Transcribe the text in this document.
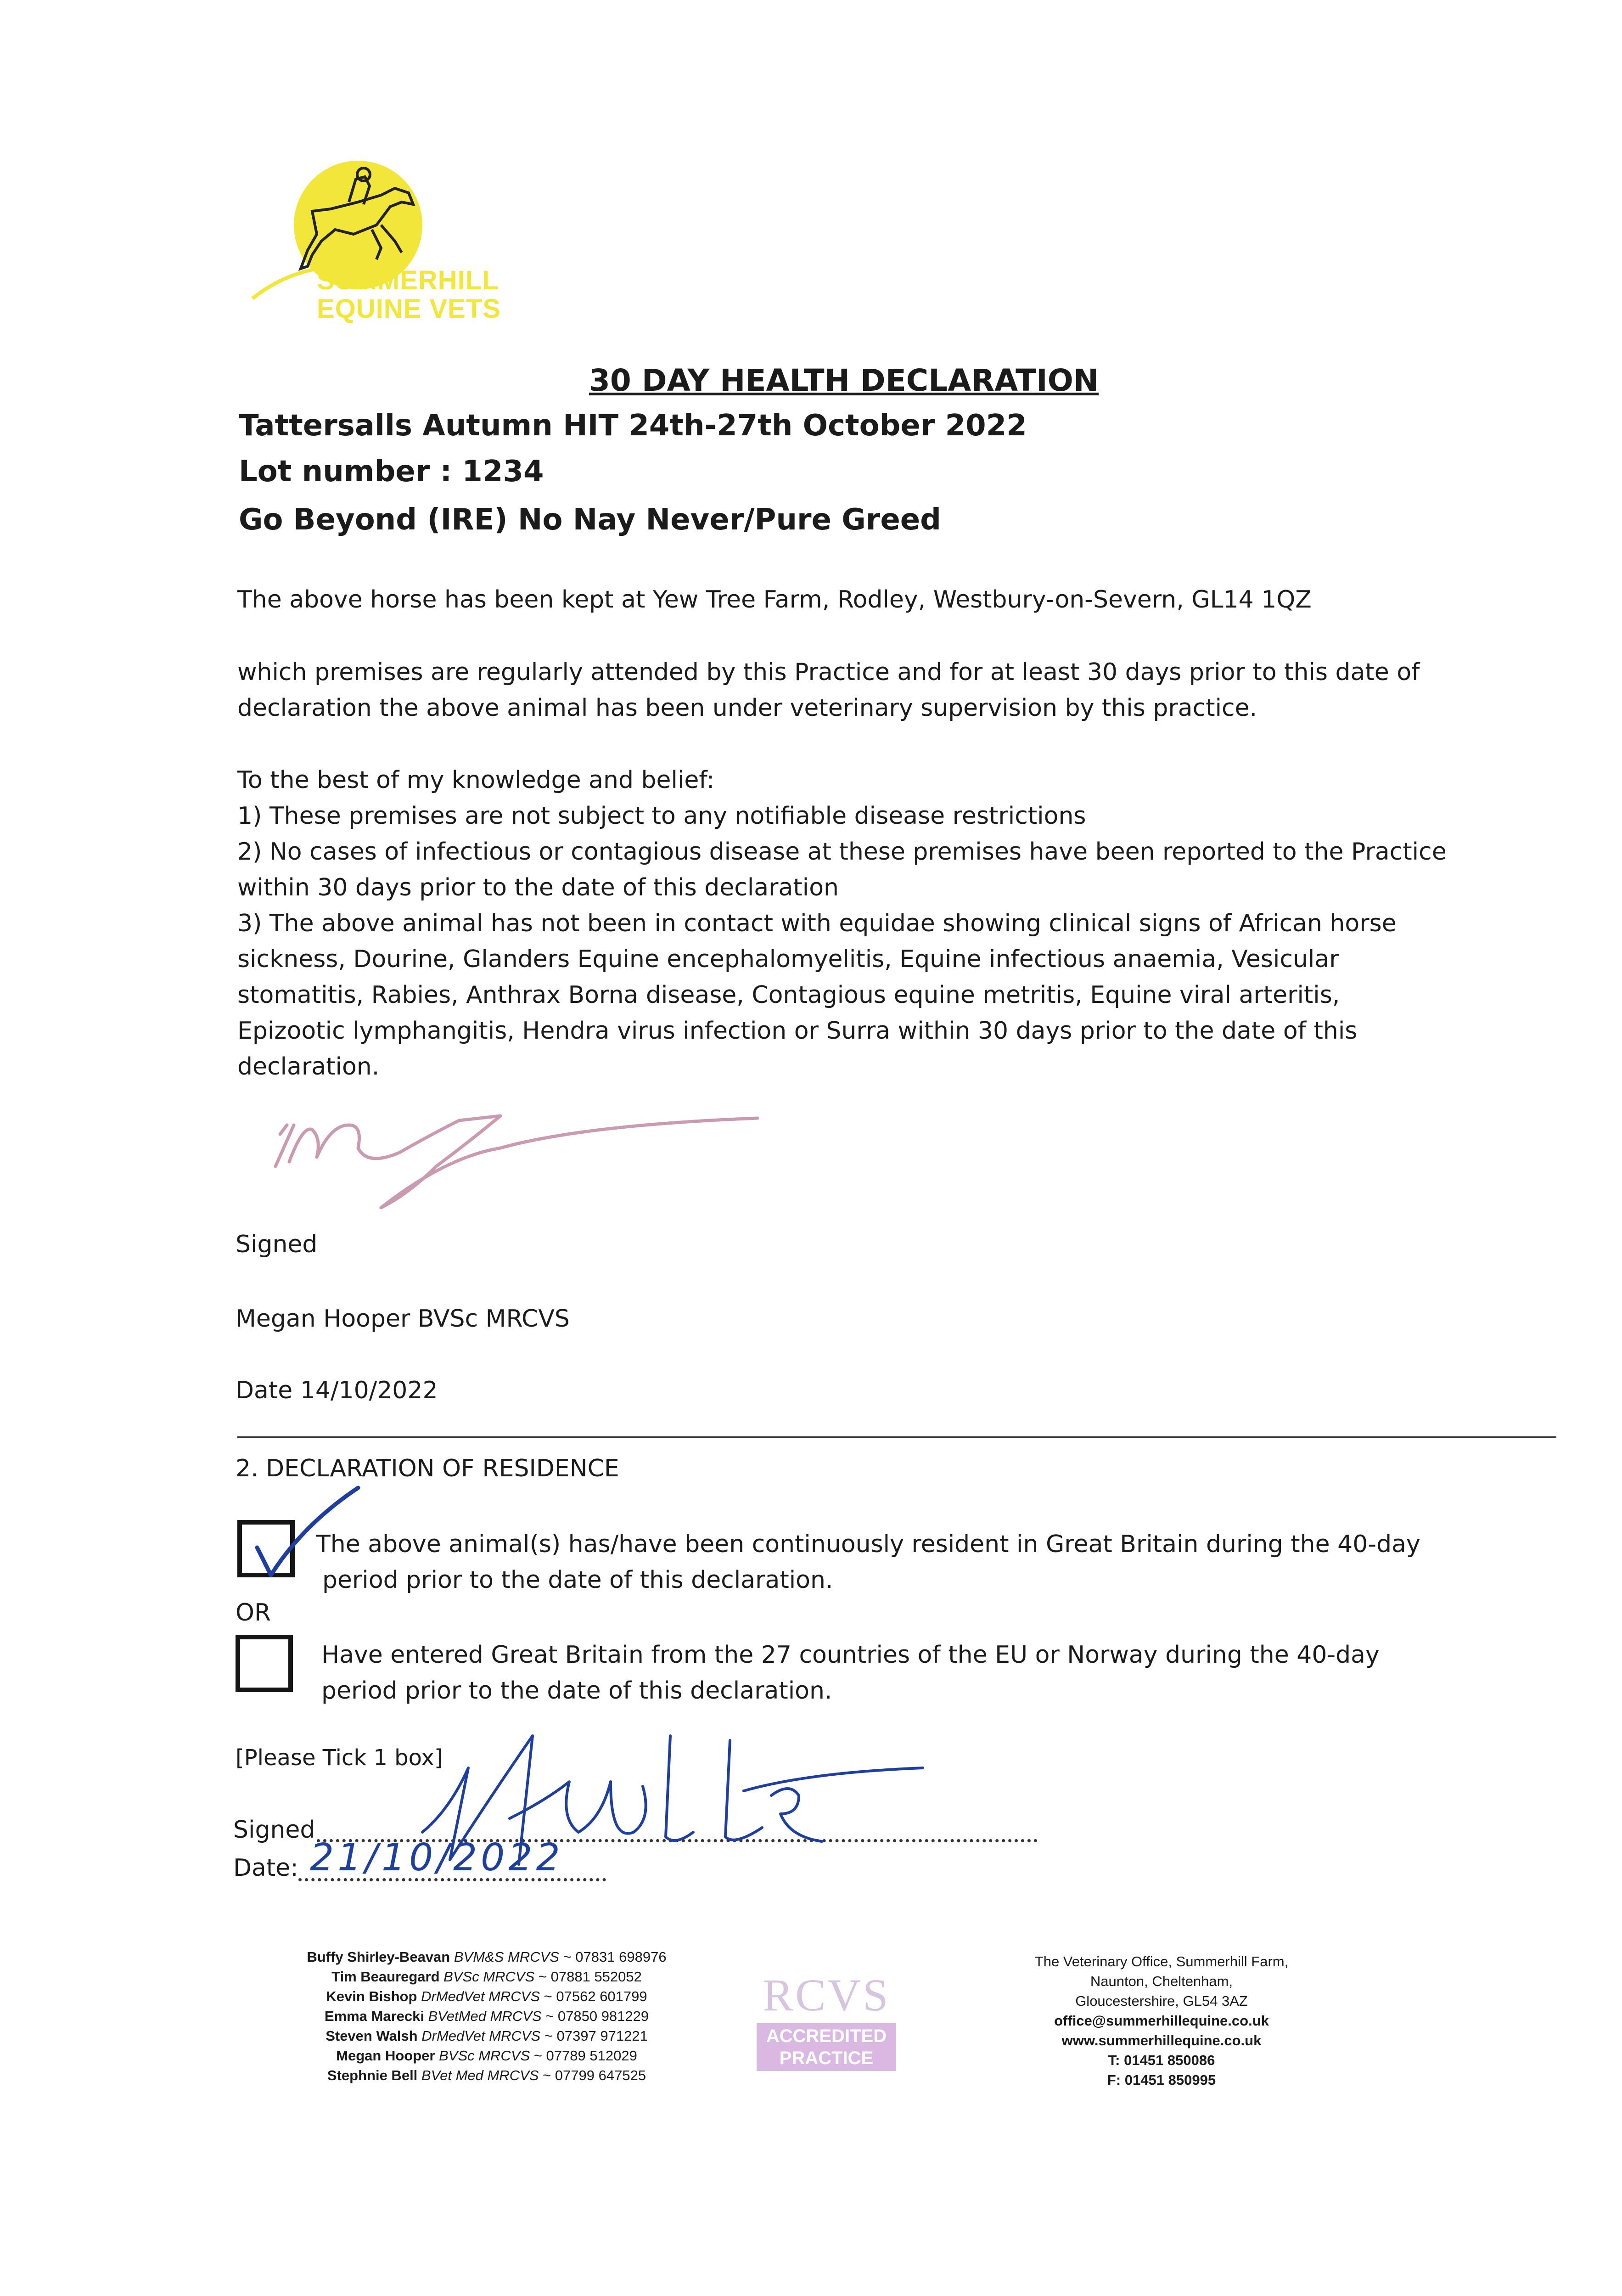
SUMMERHILL
EQUINE VETS
30 DAY HEALTH DECLARATION
Tattersalls Autumn HIT 24th-27th October 2022
Lot number : 1234
Go Beyond (IRE) No Nay Never/Pure Greed
The above horse has been kept at Yew Tree Farm, Rodley, Westbury-on-Severn, GL14 1QZ
which premises are regularly attended by this Practice and for at least 30 days prior to this date of
declaration the above animal has been under veterinary supervision by this practice.
To the best of my knowledge and belief:
1) These premises are not subject to any notifiable disease restrictions
2) No cases of infectious or contagious disease at these premises have been reported to the Practice
within 30 days prior to the date of this declaration
3) The above animal has not been in contact with equidae showing clinical signs of African horse
sickness, Dourine, Glanders Equine encephalomyelitis, Equine infectious anaemia, Vesicular
stomatitis, Rabies, Anthrax Borna disease, Contagious equine metritis, Equine viral arteritis,
Epizootic lymphangitis, Hendra virus infection or Surra within 30 days prior to the date of this
declaration.
Signed
Megan Hooper BVSc MRCVS
Date 14/10/2022
2. DECLARATION OF RESIDENCE
The above animal(s) has/have been continuously resident in Great Britain during the 40-day
period prior to the date of this declaration.
OR
Have entered Great Britain from the 27 countries of the EU or Norway during the 40-day
period prior to the date of this declaration.
[Please Tick 1 box]
Signed
Date: 21/10/2022
Buffy Shirley-Beavan BVM&S MRCVS ~ 07831 698976
Tim Beauregard BVSc MRCVS ~ 07881 552052
Kevin Bishop DrMedVet MRCVS ~ 07562 601799
Emma Marecki BVetMed MRCVS ~ 07850 981229
Steven Walsh DrMedVet MRCVS ~ 07397 971221
Megan Hooper BVSc MRCVS ~ 07789 512029
Stephnie Bell BVet Med MRCVS ~ 07799 647525
RCVS
ACCREDITED
PRACTICE
The Veterinary Office, Summerhill Farm,
Naunton, Cheltenham,
Gloucestershire, GL54 3AZ
office@summerhillequine.co.uk
www.summerhillequine.co.uk
T: 01451 850086
F: 01451 850995
